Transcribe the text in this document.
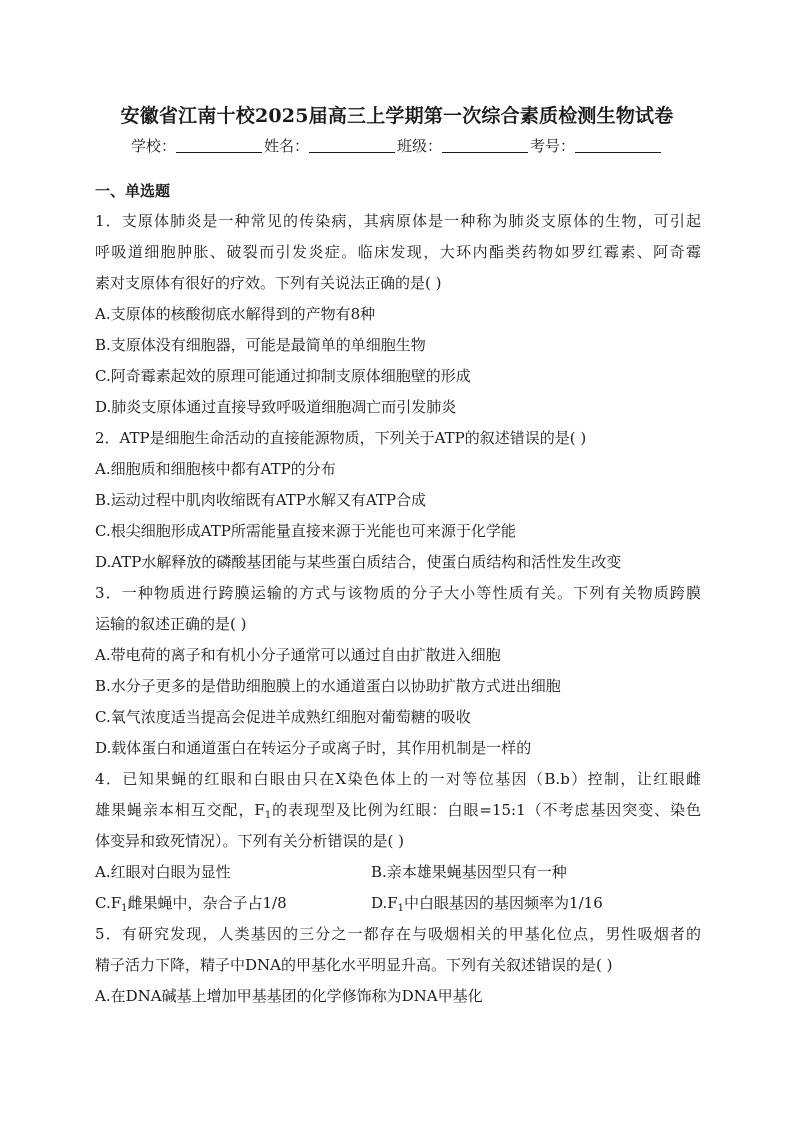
安徽省江南十校2025届高三上学期第一次综合素质检测生物试卷
学校：	姓名：	班级：	考号：
一、单选题
1．支原体肺炎是一种常见的传染病，其病原体是一种称为肺炎支原体的生物，可引起
呼吸道细胞肿胀、破裂而引发炎症。临床发现，大环内酯类药物如罗红霉素、阿奇霉
素对支原体有很好的疗效。下列有关说法正确的是( )
A.支原体的核酸彻底水解得到的产物有8种
B.支原体没有细胞器，可能是最简单的单细胞生物
C.阿奇霉素起效的原理可能通过抑制支原体细胞壁的形成
D.肺炎支原体通过直接导致呼吸道细胞凋亡而引发肺炎
2．ATP是细胞生命活动的直接能源物质，下列关于ATP的叙述错误的是( )
A.细胞质和细胞核中都有ATP的分布
B.运动过程中肌肉收缩既有ATP水解又有ATP合成
C.根尖细胞形成ATP所需能量直接来源于光能也可来源于化学能
D.ATP水解释放的磷酸基团能与某些蛋白质结合，使蛋白质结构和活性发生改变
3．一种物质进行跨膜运输的方式与该物质的分子大小等性质有关。下列有关物质跨膜
运输的叙述正确的是( )
A.带电荷的离子和有机小分子通常可以通过自由扩散进入细胞
B.水分子更多的是借助细胞膜上的水通道蛋白以协助扩散方式进出细胞
C.氧气浓度适当提高会促进羊成熟红细胞对葡萄糖的吸收
D.载体蛋白和通道蛋白在转运分子或离子时，其作用机制是一样的
4．已知果蝇的红眼和白眼由只在X染色体上的一对等位基因（B.b）控制，让红眼雌
雄果蝇亲本相互交配，$F_1$的表现型及比例为红眼：白眼=15:1（不考虑基因突变、染色
体变异和致死情况）。下列有关分析错误的是( )
A.红眼对白眼为显性	B.亲本雄果蝇基因型只有一种
$C.F_1$雌果蝇中，杂合子占1/8	$D.F_1$中白眼基因的基因频率为1/16
5．有研究发现，人类基因的三分之一都存在与吸烟相关的甲基化位点，男性吸烟者的
精子活力下降，精子中DNA的甲基化水平明显升高。下列有关叙述错误的是( )
A.在DNA碱基上增加甲基基团的化学修饰称为DNA甲基化
